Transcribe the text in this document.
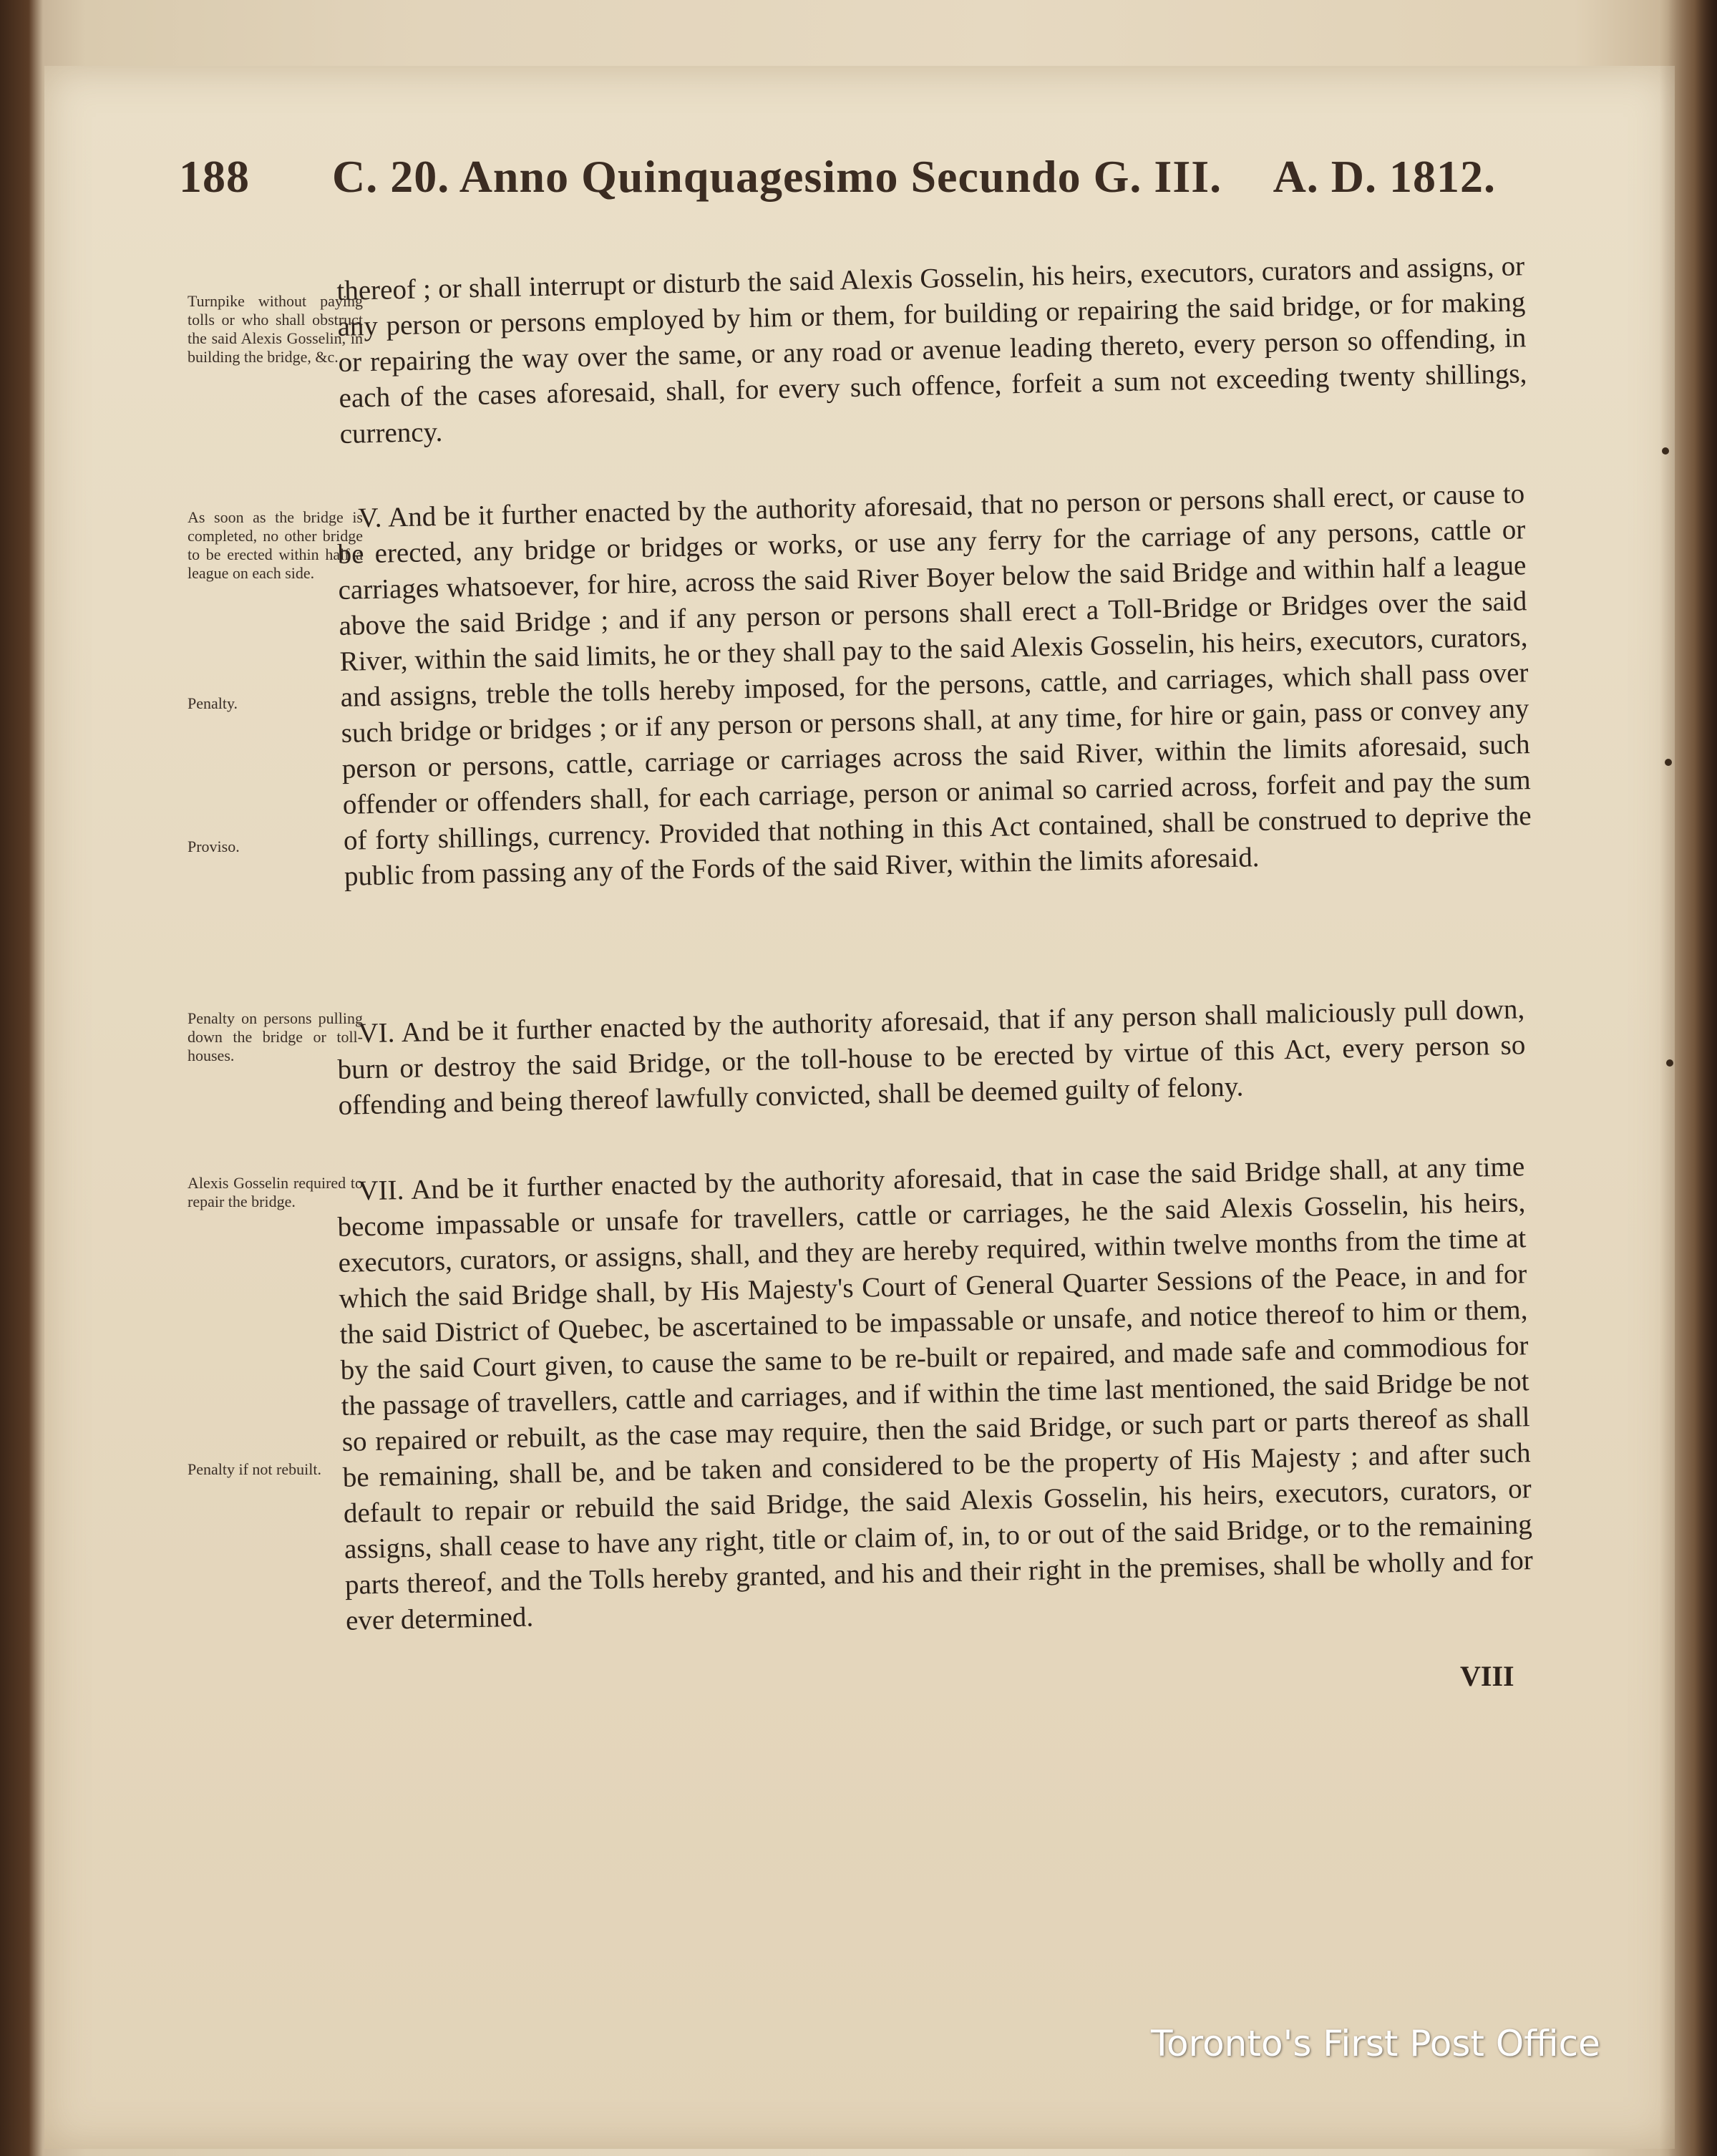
188 C. 20. Anno Quinquagesimo Secundo G. III. A. D. 1812.
Turnpike without paying tolls or who shall obstruct the said Alexis Gosselin, in building the bridge, &c.
As soon as the bridge is completed, no other bridge to be erected within half a league on each side.
Penalty.
Proviso.
Penalty on persons pulling down the bridge or toll-houses.
Alexis Gosselin required to repair the bridge.
Penalty if not rebuilt.

thereof ; or shall interrupt or disturb the said Alexis Gosselin, his heirs, executors, curators and assigns, or any person or persons employed by him or them, for building or repairing the said bridge, or for making or repairing the way over the same, or any road or avenue leading thereto, every person so offending, in each of the cases aforesaid, shall, for every such offence, forfeit a sum not exceeding twenty shillings, currency.

V. And be it further enacted by the authority aforesaid, that no person or persons shall erect, or cause to be erected, any bridge or bridges or works, or use any ferry for the carriage of any persons, cattle or carriages whatsoever, for hire, across the said River Boyer below the said Bridge and within half a league above the said Bridge ; and if any person or persons shall erect a Toll-Bridge or Bridges over the said River, within the said limits, he or they shall pay to the said Alexis Gosselin, his heirs, executors, curators, and assigns, treble the tolls hereby imposed, for the persons, cattle, and carriages, which shall pass over such bridge or bridges ; or if any person or persons shall, at any time, for hire or gain, pass or convey any person or persons, cattle, carriage or carriages across the said River, within the limits aforesaid, such offender or offenders shall, for each carriage, person or animal so carried across, forfeit and pay the sum of forty shillings, currency. Provided that nothing in this Act contained, shall be construed to deprive the public from passing any of the Fords of the said River, within the limits aforesaid.

VI. And be it further enacted by the authority aforesaid, that if any person shall maliciously pull down, burn or destroy the said Bridge, or the toll-house to be erected by virtue of this Act, every person so offending and being thereof lawfully convicted, shall be deemed guilty of felony.

VII. And be it further enacted by the authority aforesaid, that in case the said Bridge shall, at any time become impassable or unsafe for travellers, cattle or carriages, he the said Alexis Gosselin, his heirs, executors, curators, or assigns, shall, and they are hereby required, within twelve months from the time at which the said Bridge shall, by His Majesty's Court of General Quarter Sessions of the Peace, in and for the said District of Quebec, be ascertained to be impassable or unsafe, and notice thereof to him or them, by the said Court given, to cause the same to be re-built or repaired, and made safe and commodious for the passage of travellers, cattle and carriages, and if within the time last mentioned, the said Bridge be not so repaired or rebuilt, as the case may require, then the said Bridge, or such part or parts thereof as shall be remaining, shall be, and be taken and considered to be the property of His Majesty ; and after such default to repair or rebuild the said Bridge, the said Alexis Gosselin, his heirs, executors, curators, or assigns, shall cease to have any right, title or claim of, in, to or out of the said Bridge, or to the remaining parts thereof, and the Tolls hereby granted, and his and their right in the premises, shall be wholly and for ever determined.

VIII
Toronto's First Post Office
